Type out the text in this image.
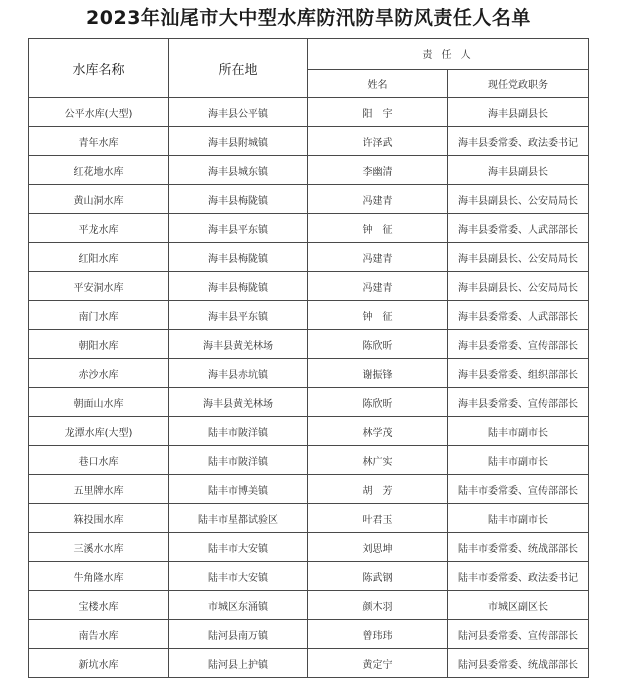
2023年汕尾市大中型水库防汛防旱防风责任人名单
水库名称	所在地	责 任 人	
		姓名	现任党政职务
公平水库(大型)	海丰县公平镇	阳　宇	海丰县副县长
青年水库	海丰县附城镇	许泽武	海丰县委常委、政法委书记
红花地水库	海丰县城东镇	李幽清	海丰县副县长
黄山洞水库	海丰县梅陇镇	冯建青	海丰县副县长、公安局局长
平龙水库	海丰县平东镇	钟　征	海丰县委常委、人武部部长
红阳水库	海丰县梅陇镇	冯建青	海丰县副县长、公安局局长
平安洞水库	海丰县梅陇镇	冯建青	海丰县副县长、公安局局长
南门水库	海丰县平东镇	钟　征	海丰县委常委、人武部部长
朝阳水库	海丰县黄羌林场	陈欣昕	海丰县委常委、宣传部部长
赤沙水库	海丰县赤坑镇	谢振锋	海丰县委常委、组织部部长
朝面山水库	海丰县黄羌林场	陈欣昕	海丰县委常委、宣传部部长
龙潭水库(大型)	陆丰市陂洋镇	林学茂	陆丰市副市长
巷口水库	陆丰市陂洋镇	林广实	陆丰市副市长
五里牌水库	陆丰市博美镇	胡　芳	陆丰市委常委、宣传部部长
箖投围水库	陆丰市星都试验区	叶君玉	陆丰市副市长
三溪水水库	陆丰市大安镇	刘思坤	陆丰市委常委、统战部部长
牛角隆水库	陆丰市大安镇	陈武钢	陆丰市委常委、政法委书记
宝楼水库	市城区东涌镇	颜木羽	市城区副区长
南告水库	陆河县南万镇	曾玮玮	陆河县委常委、宣传部部长
新坑水库	陆河县上护镇	黄定宁	陆河县委常委、统战部部长
